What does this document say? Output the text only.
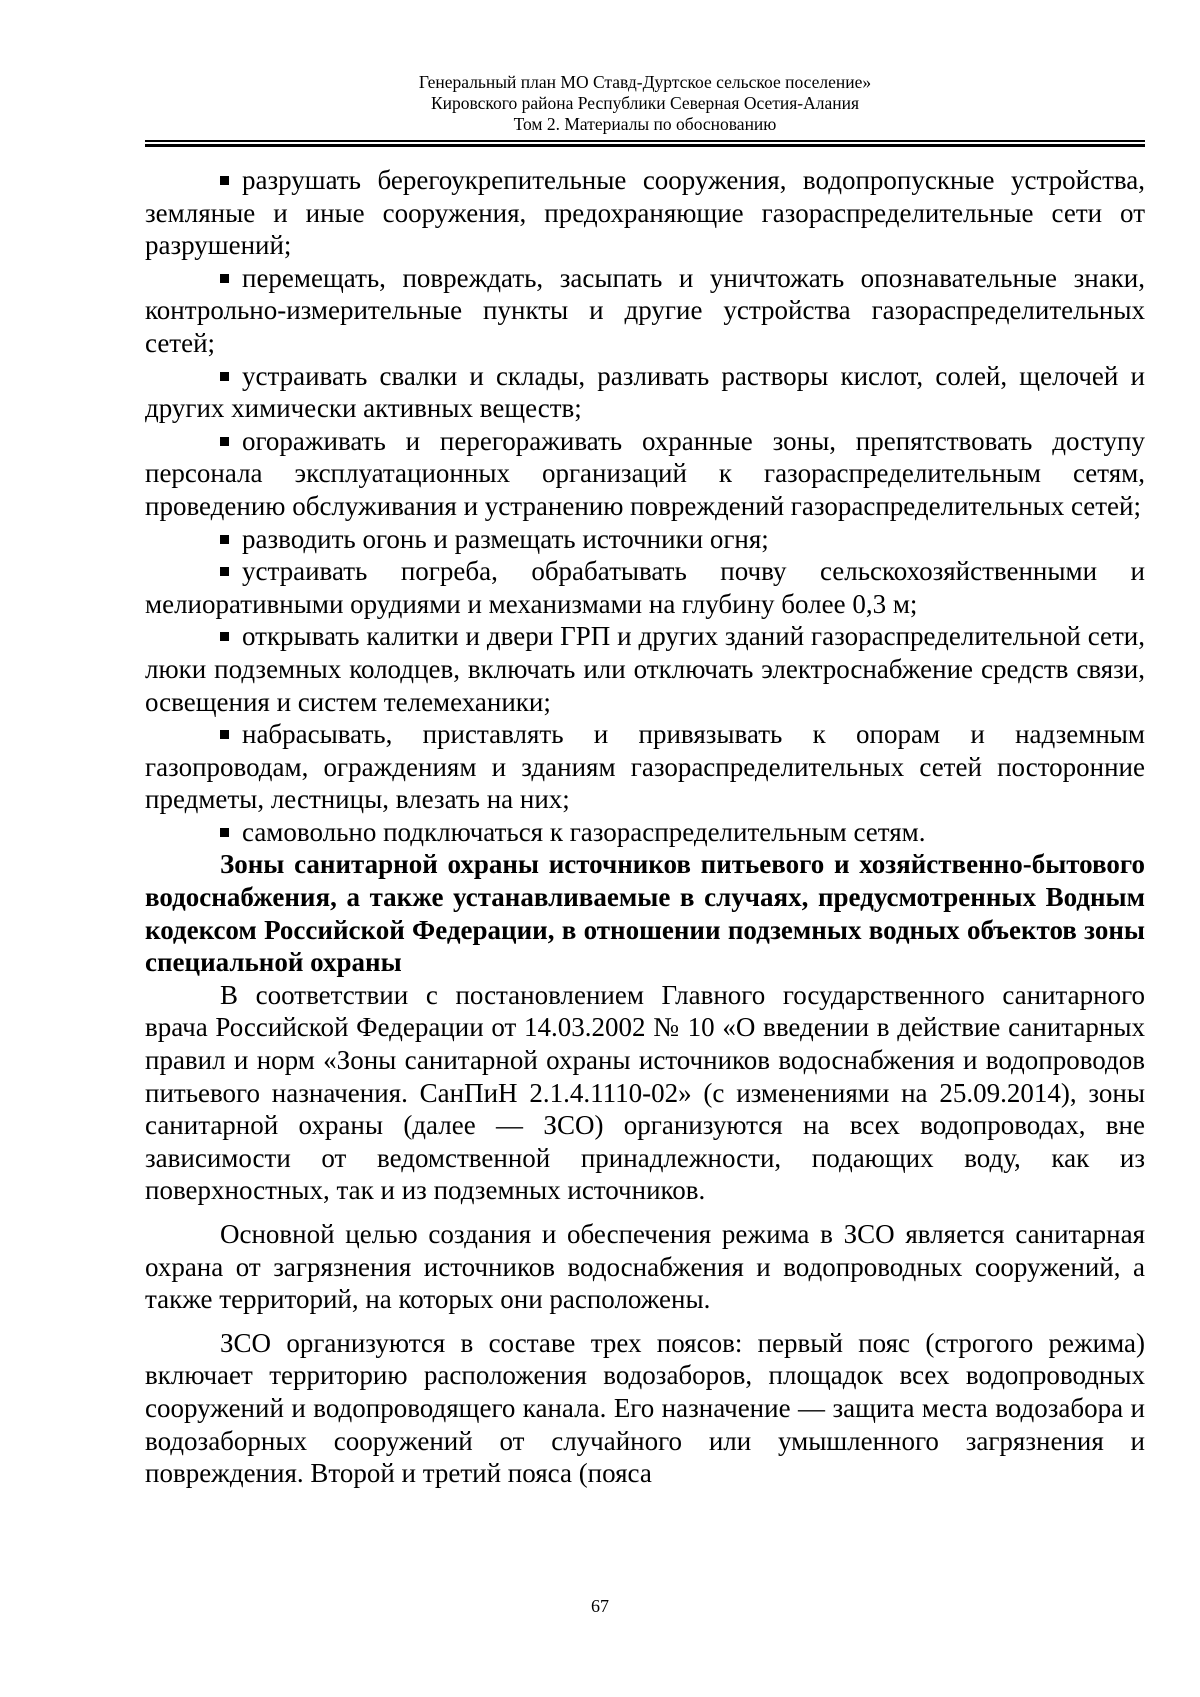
Генеральный план МО Ставд-Дуртское сельское поселение»
Кировского района Республики Северная Осетия-Алания
Том 2. Материалы по обоснованию

разрушать берегоукрепительные сооружения, водопропускные устройства, земляные и иные сооружения, предохраняющие газораспределительные сети от разрушений;

перемещать, повреждать, засыпать и уничтожать опознавательные знаки, контрольно-измерительные пункты и другие устройства газораспределительных сетей;

устраивать свалки и склады, разливать растворы кислот, солей, щелочей и других химически активных веществ;

огораживать и перегораживать охранные зоны, препятствовать доступу персонала эксплуатационных организаций к газораспределительным сетям, проведению обслуживания и устранению повреждений газораспределительных сетей;

разводить огонь и размещать источники огня;

устраивать погреба, обрабатывать почву сельскохозяйственными и мелиоративными орудиями и механизмами на глубину более 0,3 м;

открывать калитки и двери ГРП и других зданий газораспределительной сети, люки подземных колодцев, включать или отключать электроснабжение средств связи, освещения и систем телемеханики;

набрасывать, приставлять и привязывать к опорам и надземным газопроводам, ограждениям и зданиям газораспределительных сетей посторонние предметы, лестницы, влезать на них;

самовольно подключаться к газораспределительным сетям.

Зоны санитарной охраны источников питьевого и хозяйственно-бытового водоснабжения, а также устанавливаемые в случаях, предусмотренных Водным кодексом Российской Федерации, в отношении подземных водных объектов зоны специальной охраны

В соответствии с постановлением Главного государственного санитарного врача Российской Федерации от 14.03.2002 № 10 «О введении в действие санитарных правил и норм «Зоны санитарной охраны источников водоснабжения и водопроводов питьевого назначения. СанПиН 2.1.4.1110-02» (с изменениями на 25.09.2014), зоны санитарной охраны (далее — ЗСО) организуются на всех водопроводах, вне зависимости от ведомственной принадлежности, подающих воду, как из поверхностных, так и из подземных источников.

Основной целью создания и обеспечения режима в ЗСО является санитарная охрана от загрязнения источников водоснабжения и водопроводных сооружений, а также территорий, на которых они расположены.

ЗСО организуются в составе трех поясов: первый пояс (строгого режима) включает территорию расположения водозаборов, площадок всех водопроводных сооружений и водопроводящего канала. Его назначение — защита места водозабора и водозаборных сооружений от случайного или умышленного загрязнения и повреждения. Второй и третий пояса (пояса

67
